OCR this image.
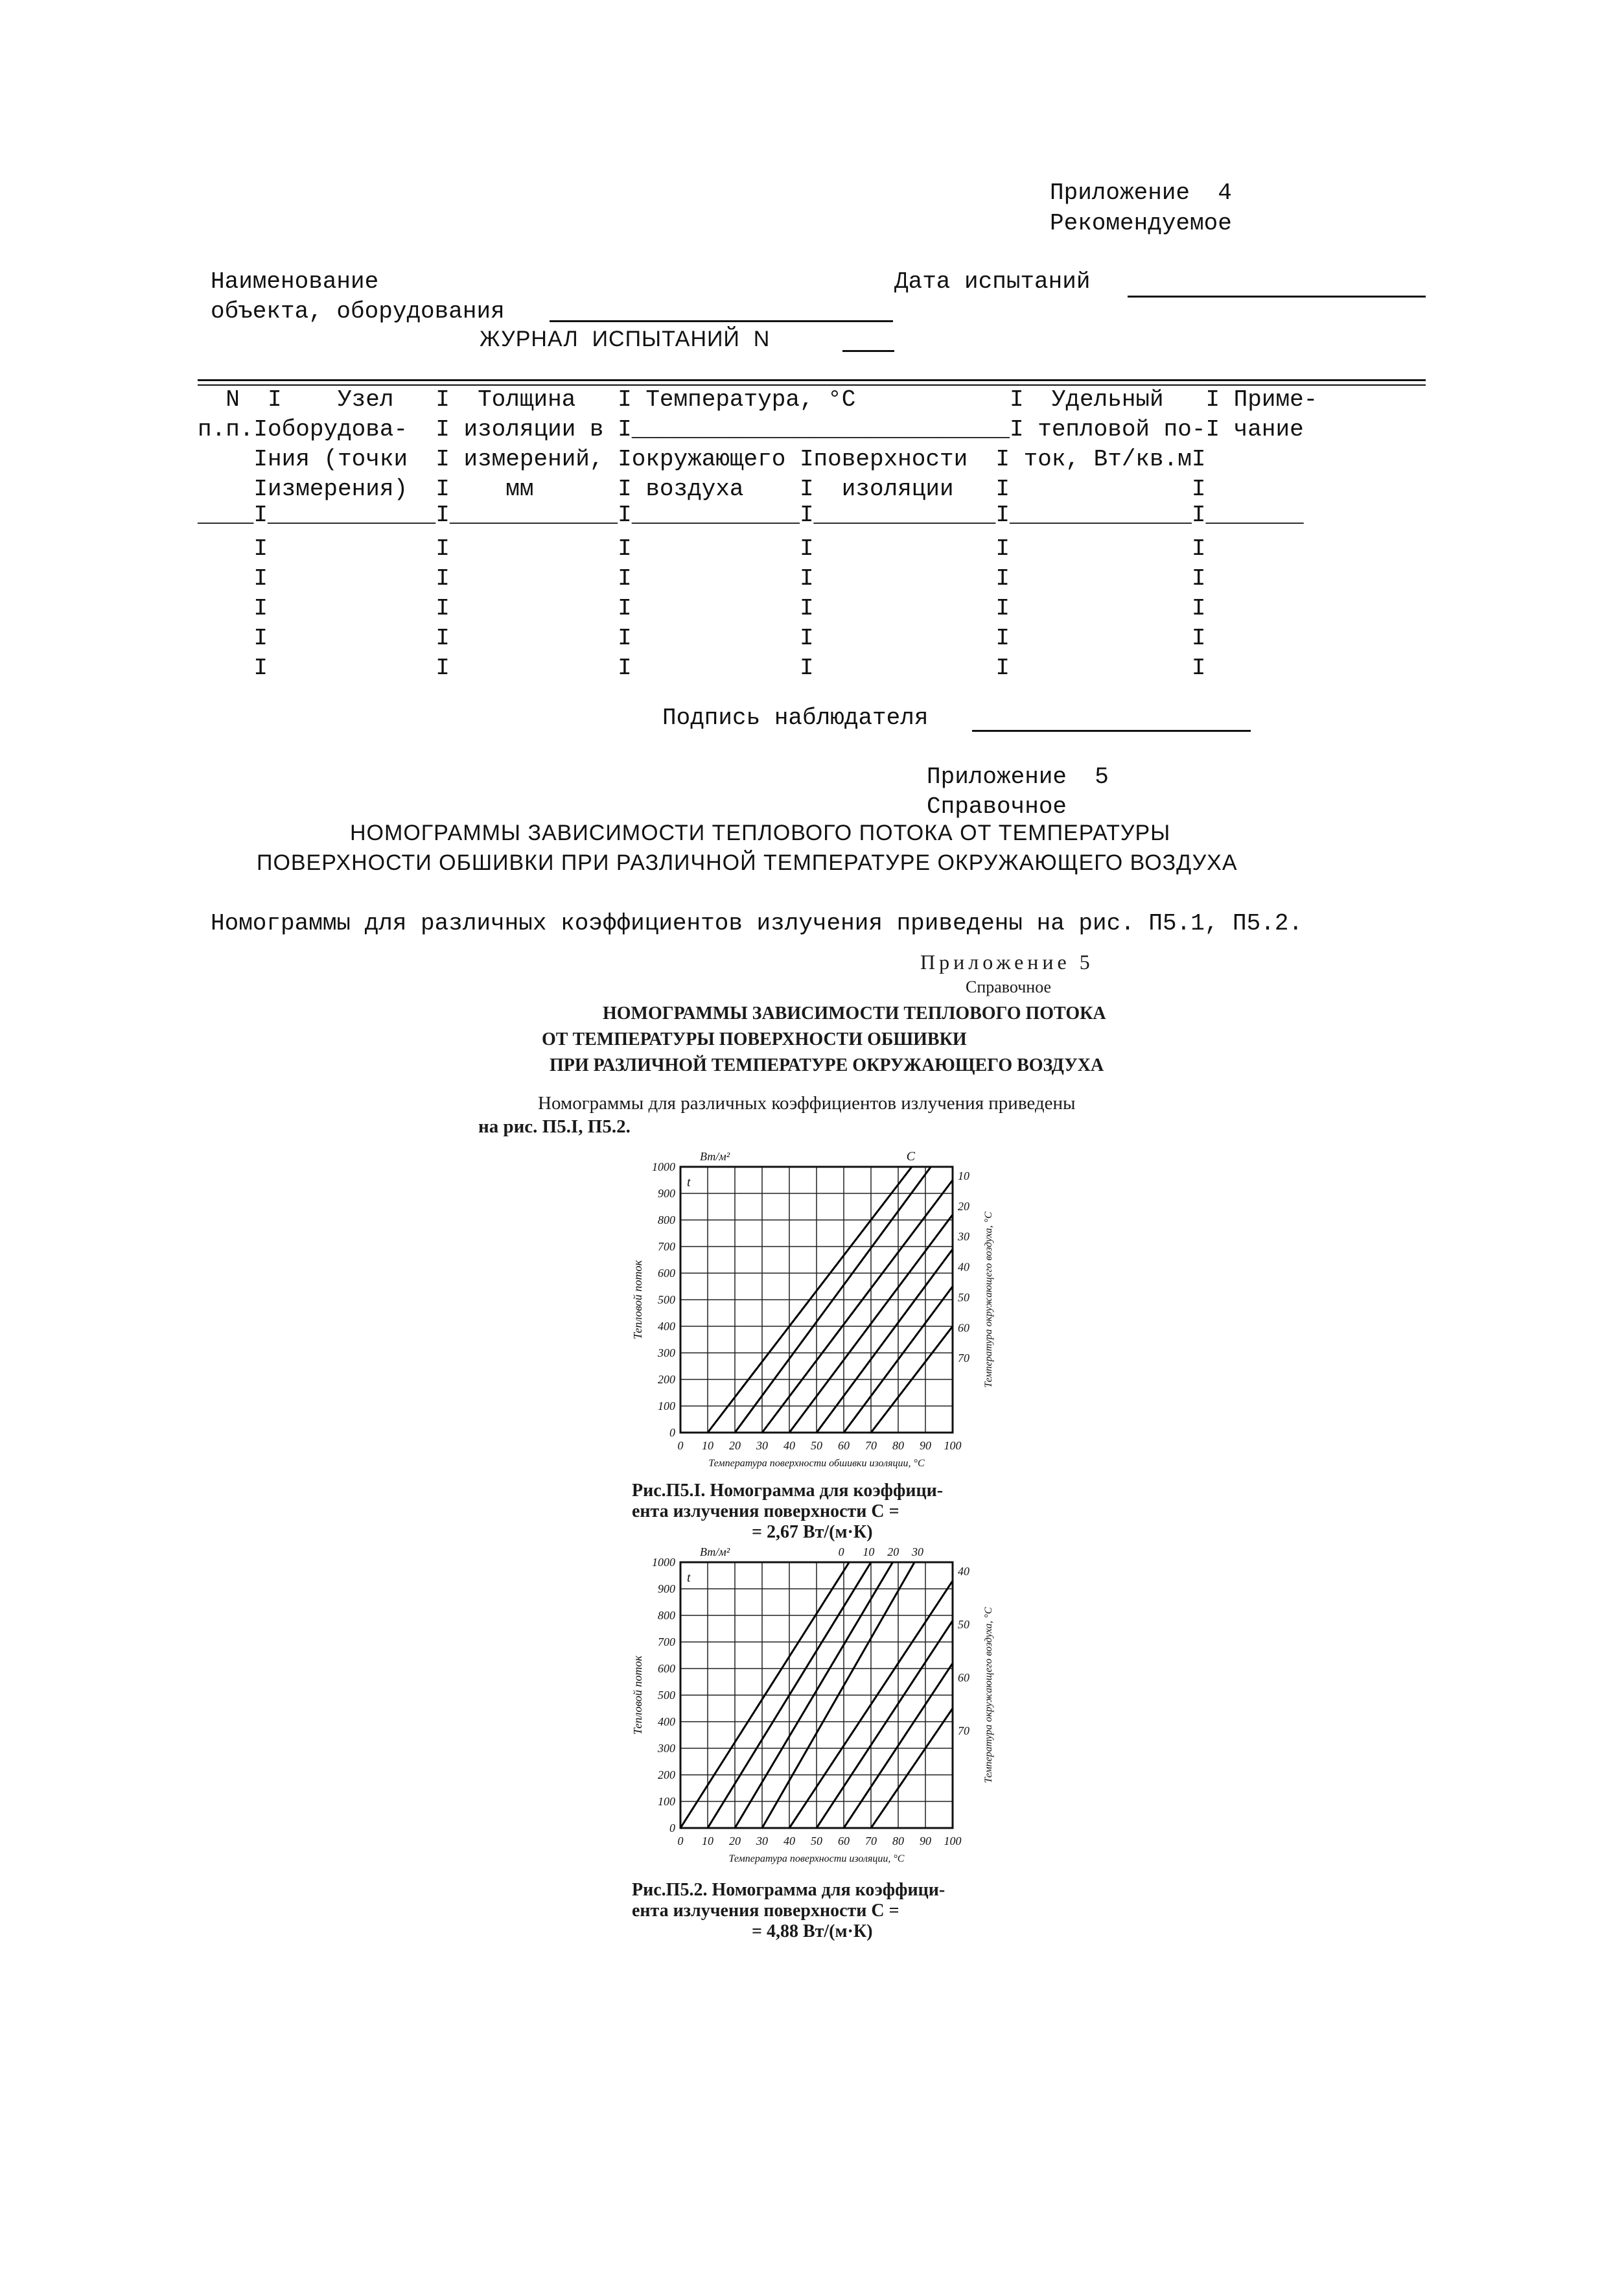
Приложение  4
Рекомендуемое
Наименование
объекта, оборудования
Дата испытаний
ЖУРНАЛ  ИСПЫТАНИЙ  N
N  I    Узел   I  Толщина   I Температура, °C           I  Удельный   I Приме-
п.п.Iоборудова-  I изоляции в I___________________________I тепловой по-I чание
Iния (точки  I измерений, Iокружающего Iповерхности  I ток, Вт/кв.мI
Iизмерения)  I    мм      I воздуха    I  изоляции   I             I
____I____________I____________I____________I_____________I_____________I_______
I            I            I            I             I             I
I            I            I            I             I             I
I            I            I            I             I             I
I            I            I            I             I             I
I            I            I            I             I             I
Подпись наблюдателя
Приложение  5
Справочное
НОМОГРАММЫ ЗАВИСИМОСТИ ТЕПЛОВОГО ПОТОКА ОТ ТЕМПЕРАТУРЫ
ПОВЕРХНОСТИ ОБШИВКИ ПРИ РАЗЛИЧНОЙ ТЕМПЕРАТУРЕ ОКРУЖАЮЩЕГО ВОЗДУХА
Номограммы для различных коэффициентов излучения приведены на рис. П5.1, П5.2.
Приложение 5
Справочное
НОМОГРАММЫ ЗАВИСИМОСТИ ТЕПЛОВОГО ПОТОКА
ОТ ТЕМПЕРАТУРЫ ПОВЕРХНОСТИ ОБШИВКИ
ПРИ РАЗЛИЧНОЙ ТЕМПЕРАТУРЕ ОКРУЖАЮЩЕГО ВОЗДУХА
Номограммы для различных коэффициентов излучения приведены
на рис. П5.I, П5.2.
0 10 20 30 40 50 60 70 80 90 100
0
100
200
300
400
500
600
700
800
900
1000
t
Вт/м²	C
10
20
30
40
50
60
70
Температура поверхности обшивки изоляции, °С
Тепловой поток	Температура окружающего воздуха, °С
Рис.П5.I. Номограмма для коэффици-
ента излучения поверхности C =
= 2,67 Вт/(м·К)
0 10 20 30 40 50 60 70 80 90 100
0
100
200
300
400
500
600
700
800
900
1000
t
Вт/м²	0 10 20 30
40
50
60
70
Температура поверхности изоляции, °С
Тепловой поток	Температура окружающего воздуха, °С
Рис.П5.2. Номограмма для коэффици-
ента излучения поверхности C =
= 4,88 Вт/(м·К)
